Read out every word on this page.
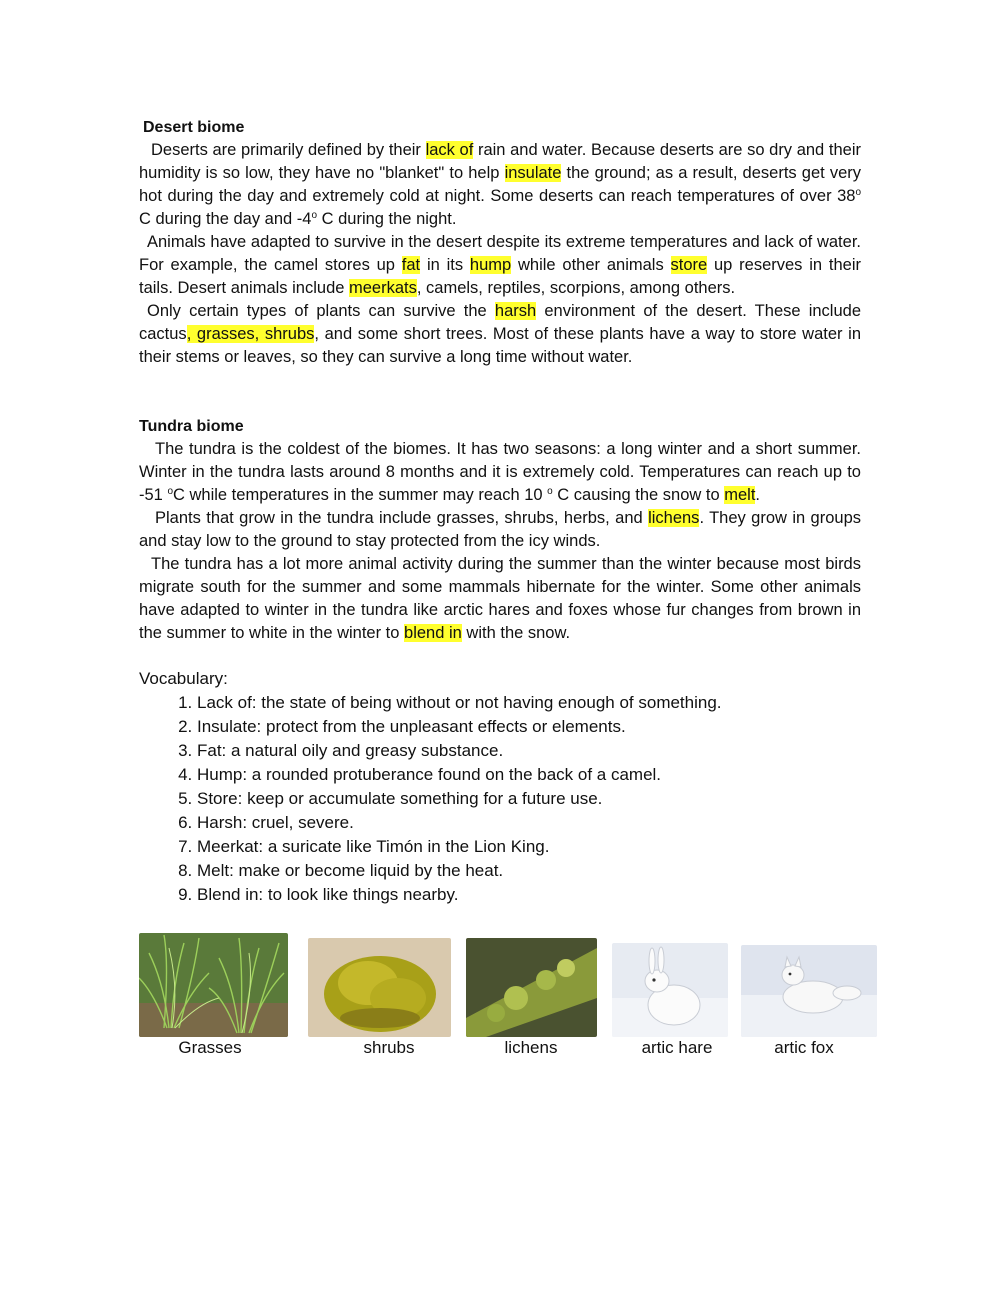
Desert biome

Deserts are primarily defined by their lack of rain and water. Because deserts are so dry and their humidity is so low, they have no "blanket" to help insulate the ground; as a result, deserts get very hot during the day and extremely cold at night. Some deserts can reach temperatures of over 38$^o$ C during the day and -4$^o$ C during the night.

Animals have adapted to survive in the desert despite its extreme temperatures and lack of water. For example, the camel stores up fat in its hump while other animals store up reserves in their tails. Desert animals include meerkats, camels, reptiles, scorpions, among others.

Only certain types of plants can survive the harsh environment of the desert. These include cactus, grasses, shrubs, and some short trees. Most of these plants have a way to store water in their stems or leaves, so they can survive a long time without water.

Tundra biome

The tundra is the coldest of the biomes. It has two seasons: a long winter and a short summer. Winter in the tundra lasts around 8 months and it is extremely cold. Temperatures can reach up to -51 $^o$C while temperatures in the summer may reach 10 $^o$ C causing the snow to melt.

Plants that grow in the tundra include grasses, shrubs, herbs, and lichens. They grow in groups and stay low to the ground to stay protected from the icy winds.

The tundra has a lot more animal activity during the summer than the winter because most birds migrate south for the summer and some mammals hibernate for the winter. Some other animals have adapted to winter in the tundra like arctic hares and foxes whose fur changes from brown in the summer to white in the winter to blend in with the snow.

Vocabulary:

1. Lack of: the state of being without or not having enough of something.
2. Insulate: protect from the unpleasant effects or elements.
3. Fat: a natural oily and greasy substance.
4. Hump: a rounded protuberance found on the back of a camel.
5. Store: keep or accumulate something for a future use.
6. Harsh: cruel, severe.
7. Meerkat: a suricate like Timón in the Lion King.
8. Melt: make or become liquid by the heat.
9. Blend in: to look like things nearby.
Grasses	shrubs	lichens	artic hare	artic fox
